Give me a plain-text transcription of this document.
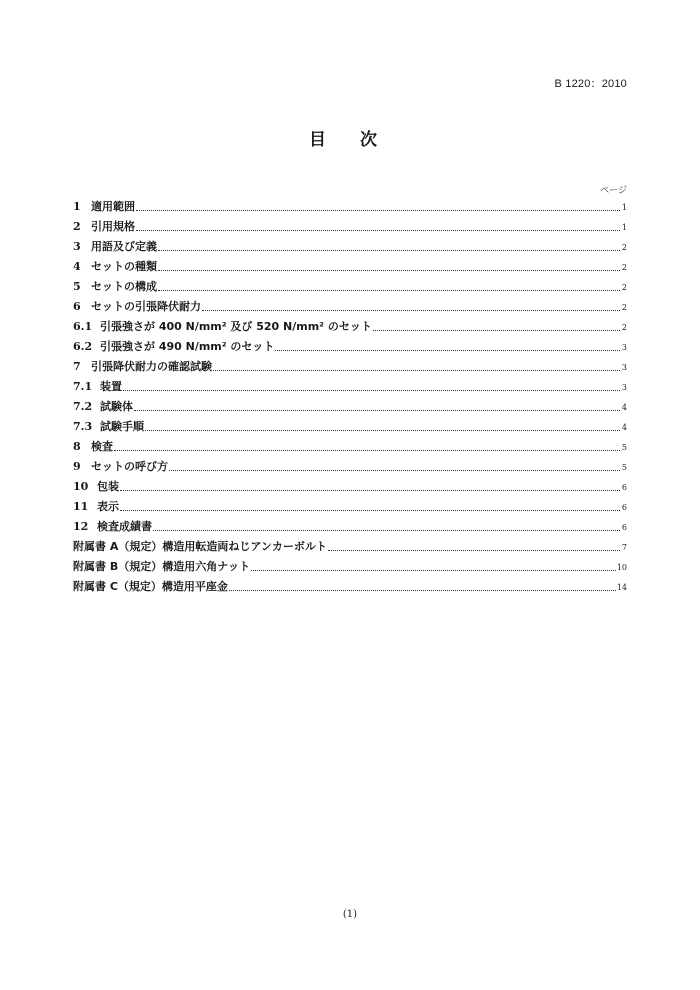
B 1220：2010
目 次
ページ
1 適用範囲	1
2 引用規格	1
3 用語及び定義	2
4 セットの種類	2
5 セットの構成	2
6 セットの引張降伏耐力	2
6.1 引張強さが 400 N/mm² 及び 520 N/mm² のセット	2
6.2 引張強さが 490 N/mm² のセット	3
7 引張降伏耐力の確認試験	3
7.1 装置	3
7.2 試験体	4
7.3 試験手順	4
8 検査	5
9 セットの呼び方	5
10 包装	6
11 表示	6
12 検査成績書	6
附属書 A（規定）構造用転造両ねじアンカーボルト	7
附属書 B（規定）構造用六角ナット	10
附属書 C（規定）構造用平座金	14
(1)
